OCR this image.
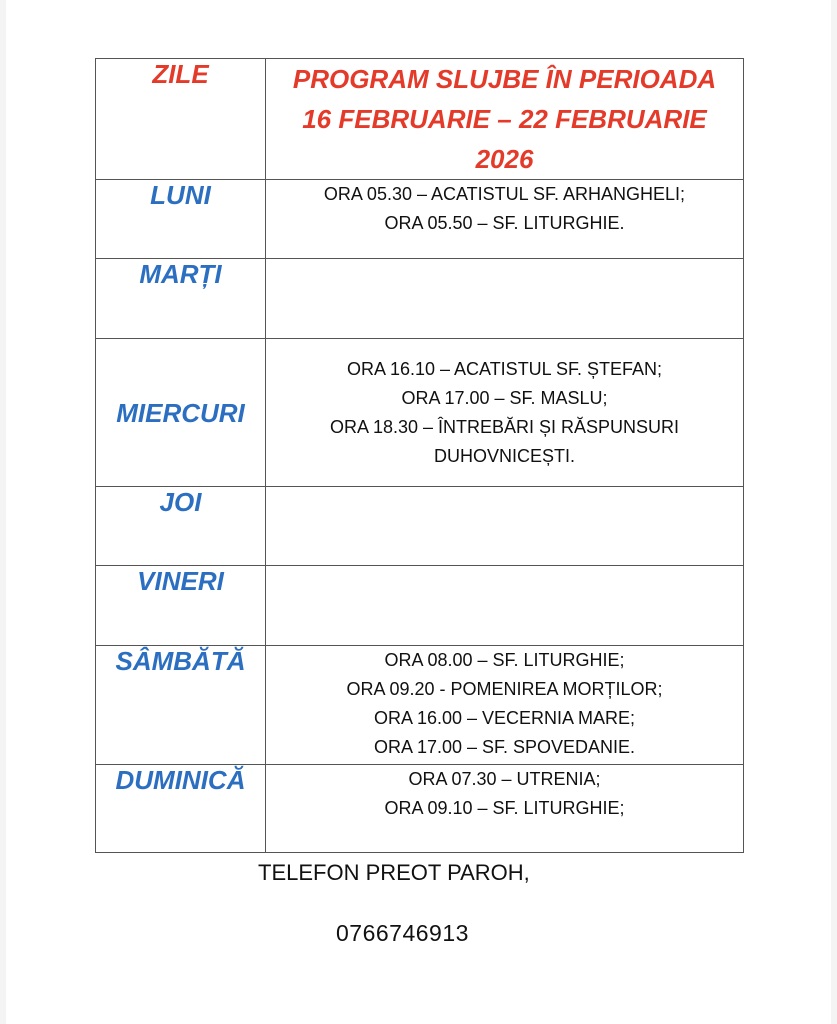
ZILE	PROGRAM SLUJBE ÎN PERIOADA
16 FEBRUARIE – 22 FEBRUARIE
2026

LUNI	ORA 05.30 – ACATISTUL SF. ARHANGHELI;
ORA 05.50 – SF. LITURGHIE.

MARȚI	
MIERCURI	ORA 16.10 – ACATISTUL SF. ȘTEFAN;
ORA 17.00 – SF. MASLU;
ORA 18.30 – ÎNTREBĂRI ȘI RĂSPUNSURI
DUHOVNICEȘTI.

JOI	
VINERI	
SÂMBĂTĂ	ORA 08.00 – SF. LITURGHIE;
ORA 09.20 - POMENIREA MORȚILOR;
ORA 16.00 – VECERNIA MARE;
ORA 17.00 – SF. SPOVEDANIE.

DUMINICĂ	ORA 07.30 – UTRENIA;
ORA 09.10 – SF. LITURGHIE;
TELEFON PREOT PAROH,
0766746913
